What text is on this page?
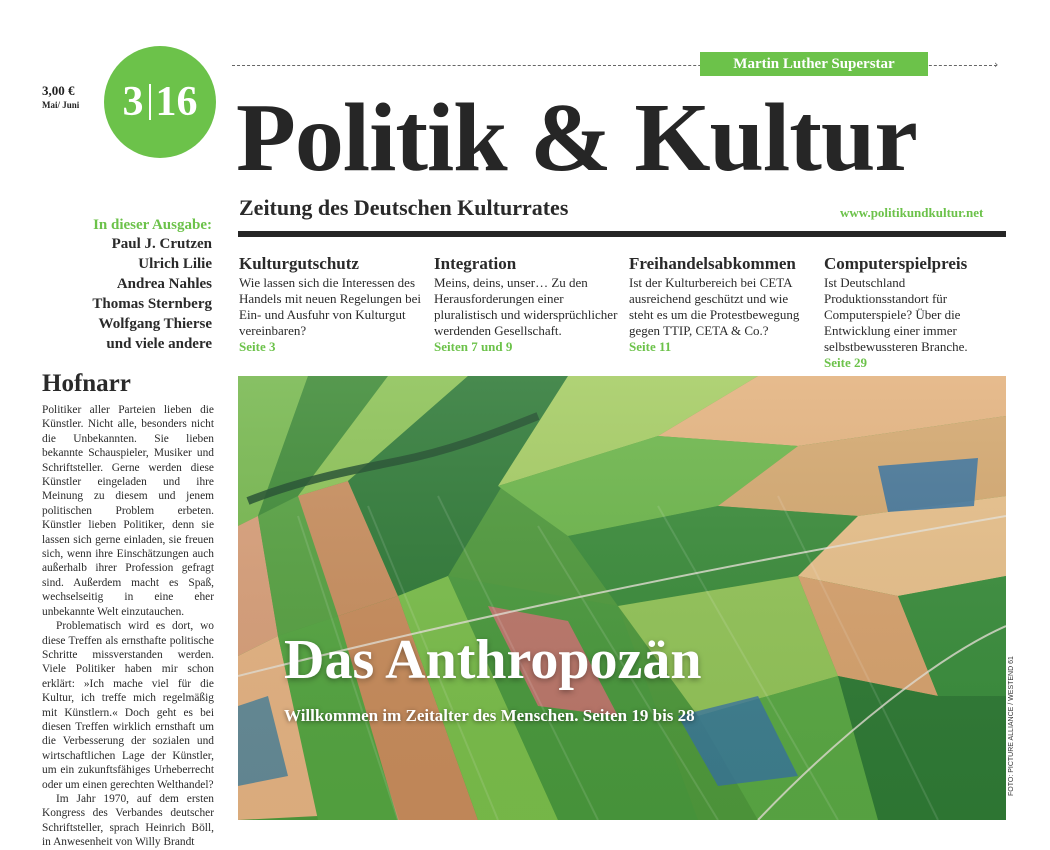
3,00 €
Mai/ Juni 3 16
›
Martin Luther Superstar
Politik & Kultur
Zeitung des Deutschen Kulturrates	www.politikundkultur.net
In dieser Ausgabe:
Paul J. Crutzen
Ulrich Lilie
Andrea Nahles
Thomas Sternberg
Wolfgang Thierse
und viele andere
Kulturgutschutz
Wie lassen sich die Interessen des Handels mit neuen Regelungen bei Ein- und Ausfuhr von Kulturgut vereinbaren?
Seite 3
Integration
Meins, deins, unser… Zu den Herausforderungen einer pluralistisch und widersprüchlicher werdenden Gesellschaft.
Seiten 7 und 9
Freihandelsabkommen
Ist der Kulturbereich bei CETA ausreichend geschützt und wie steht es um die Protestbewegung gegen TTIP, CETA & Co.?
Seite 11
Computerspielpreis
Ist Deutschland Produktionsstandort für Computerspiele? Über die Entwicklung einer immer selbstbewussteren Branche.
Seite 29
Hofnarr

Politiker aller Parteien lieben die Künstler. Nicht alle, besonders nicht die Unbekannten. Sie lieben bekannte Schauspieler, Musiker und Schriftsteller. Gerne werden diese Künstler eingeladen und ihre Meinung zu diesem und jenem politischen Problem erbeten. Künstler lieben Politiker, denn sie lassen sich gerne einladen, sie freuen sich, wenn ihre Einschätzungen auch außerhalb ihrer Profession gefragt sind. Außerdem macht es Spaß, wechselseitig in eine eher unbekannte Welt einzutauchen.

Problematisch wird es dort, wo diese Treffen als ernsthafte politische Schritte missverstanden werden. Viele Politiker haben mir schon erklärt: »Ich mache viel für die Kultur, ich treffe mich regelmäßig mit Künstlern.« Doch geht es bei diesen Treffen wirklich ernsthaft um die Verbesserung der sozialen und wirtschaftlichen Lage der Künstler, um ein zukunftsfähiges Urheberrecht oder um einen gerechten Welthandel?

Im Jahr 1970, auf dem ersten Kongress des Verbandes deutscher Schriftsteller, sprach Heinrich Böll, in Anwesenheit von Willy Brandt

Das Anthropozän
Willkommen im Zeitalter des Menschen. Seiten 19 bis 28	FOTO: PICTURE ALLIANCE / WESTEND 61
